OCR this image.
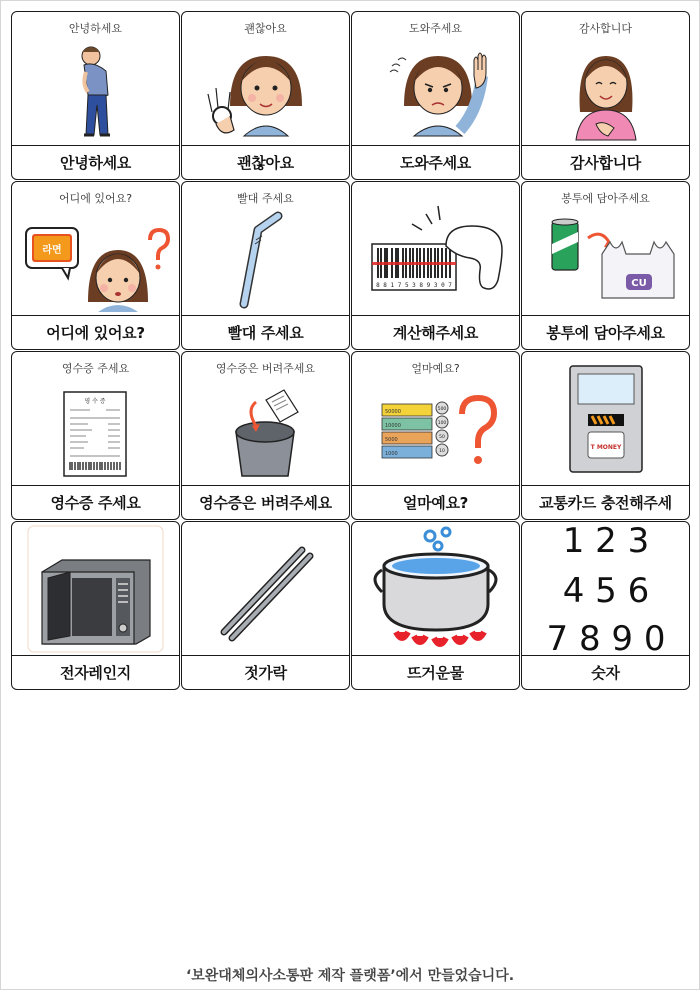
안녕하세요
안녕하세요
괜찮아요
괜찮아요
도와주세요
도와주세요
감사합니다
감사합니다
어디에 있어요?
라면
어디에 있어요?
빨대 주세요
빨대 주세요
8 8 1 7 5 3 8 9 3 0 7
계산해주세요
봉투에 담아주세요
CU
봉투에 담아주세요
영수증 주세요
영 수 증
영수증 주세요
영수증은 버려주세요
영수증은 버려주세요
얼마예요?
50000
10000
5000
1000
500
100
50
10
얼마예요?
T MONEY
교통카드 충전해주세
전자레인지	젓가락	뜨거운물
1 2 3
4 5 6
7 8 9 0
숫자
‘보완대체의사소통판 제작 플랫폼’에서 만들었습니다.
